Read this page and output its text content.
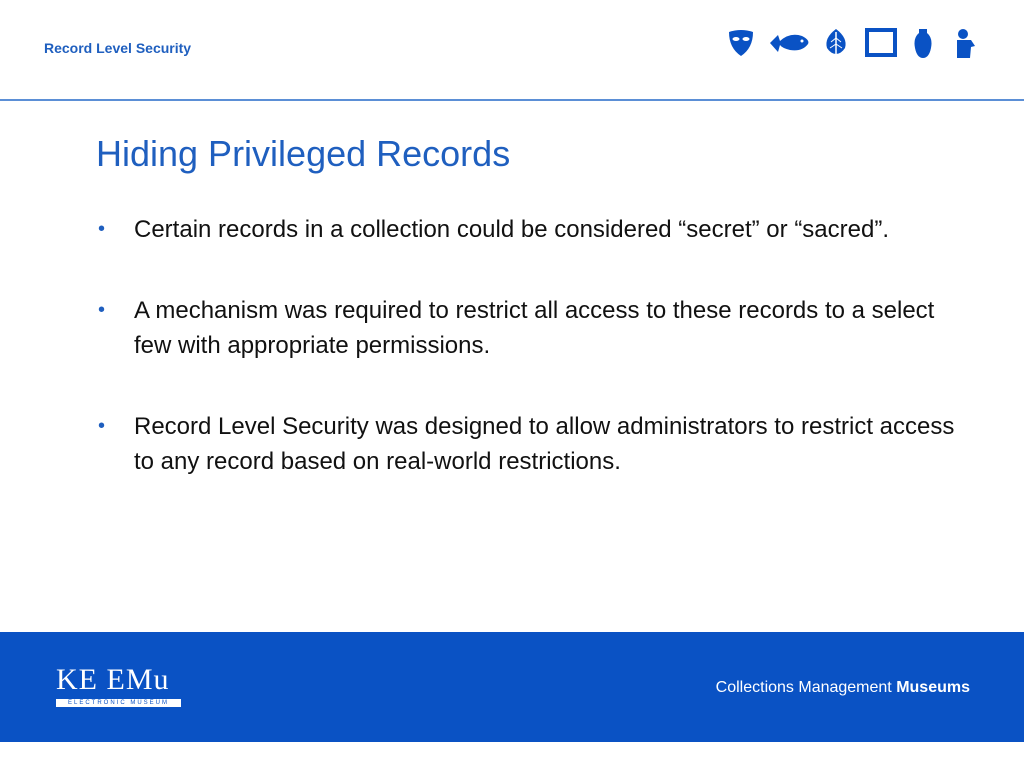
Record Level Security
Hiding Privileged Records
• Certain records in a collection could be considered “secret” or “sacred”.
• A mechanism was required to restrict all access to these records to a select few with appropriate permissions.
• Record Level Security was designed to allow administrators to restrict access to any record based on real-world restrictions.
KE EMu
ELECTRONIC MUSEUM
Collections Management Museums
